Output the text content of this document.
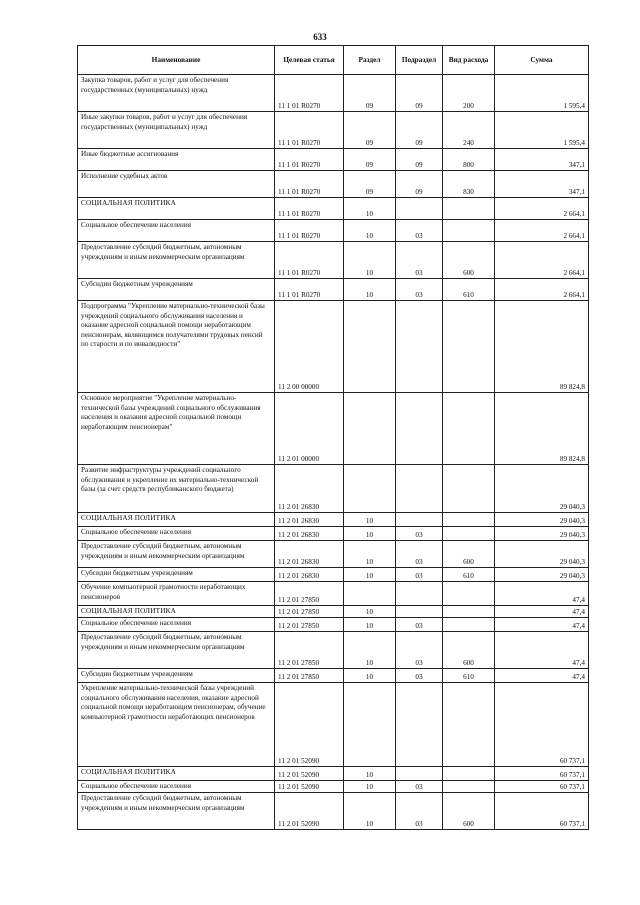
633
Наименование	Целевая статья	Раздел	Подраздел	Вид расхода	Сумма
Закупка товаров, работ и услуг для обеспечения государственных (муниципальных) нужд	11 1 01 R0270	09	09	200	1 595,4
Иные закупки товаров, работ и услуг для обеспечения государственных (муниципальных) нужд	11 1 01 R0270	09	09	240	1 595,4
Иные бюджетные ассигнования	11 1 01 R0270	09	09	800	347,1
Исполнение судебных актов	11 1 01 R0270	09	09	830	347,1
СОЦИАЛЬНАЯ ПОЛИТИКА	11 1 01 R0270	10			2 664,1
Социальное обеспечение населения	11 1 01 R0270	10	03		2 664,1
Предоставление субсидий бюджетным, автономным учреждениям и иным некоммерческим организациям	11 1 01 R0270	10	03	600	2 664,1
Субсидии бюджетным учреждениям	11 1 01 R0270	10	03	610	2 664,1
Подпрограмма "Укрепление материально-технической базы учреждений социального обслуживания населения и оказание адресной социальной помощи неработающим пенсионерам, являющимся получателями трудовых пенсий по старости и по инвалидности"	11 2 00 00000				89 824,8
Основное мероприятие "Укрепление материально-технической базы учреждений социального обслуживания населения и оказания адресной социальной помощи неработающим пенсионерам"	11 2 01 00000				89 824,8
Развитие инфраструктуры учреждений социального обслуживания и укрепление их материально-технической базы (за счет средств республиканского бюджета)	11 2 01 26830				29 040,3
СОЦИАЛЬНАЯ ПОЛИТИКА	11 2 01 26830	10			29 040,3
Социальное обеспечение населения	11 2 01 26830	10	03		29 040,3
Предоставление субсидий бюджетным, автономным учреждениям и иным некоммерческим организациям	11 2 01 26830	10	03	600	29 040,3
Субсидии бюджетным учреждениям	11 2 01 26830	10	03	610	29 040,3
Обучение компьютерной грамотности неработающих пенсионеров	11 2 01 27850				47,4
СОЦИАЛЬНАЯ ПОЛИТИКА	11 2 01 27850	10			47,4
Социальное обеспечение населения	11 2 01 27850	10	03		47,4
Предоставление субсидий бюджетным, автономным учреждениям и иным некоммерческим организациям	11 2 01 27850	10	03	600	47,4
Субсидии бюджетным учреждениям	11 2 01 27850	10	03	610	47,4
Укрепление материально-технической базы учреждений социального обслуживания населения, оказание адресной социальной помощи неработающим пенсионерам, обучение компьютерной грамотности неработающих пенсионеров	11 2 01 52090				60 737,1
СОЦИАЛЬНАЯ ПОЛИТИКА	11 2 01 52090	10			60 737,1
Социальное обеспечение населения	11 2 01 52090	10	03		60 737,1
Предоставление субсидий бюджетным, автономным учреждениям и иным некоммерческим организациям	11 2 01 52090	10	03	600	60 737,1
